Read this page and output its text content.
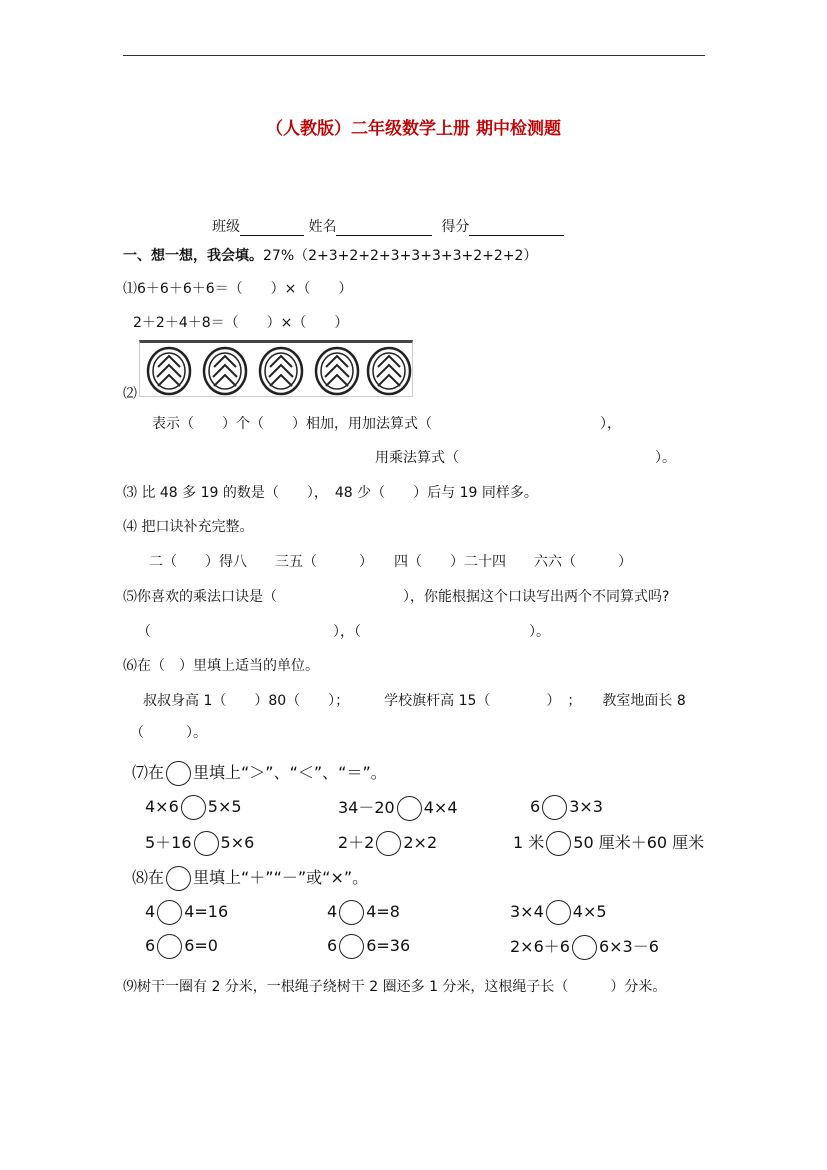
（人教版）二年级数学上册 期中检测题
班级	姓名	得分
一、想一想，我会填。27%（2+3+2+2+3+3+3+3+2+2+2）
⑴6＋6＋6＋6＝（　　）×（　　）
2＋2＋4＋8＝（　　）×（　　）
⑵
表示（　　）个（　　）相加，用加法算式（　　　　　　　　　　　　），
用乘法算式（　　　　　　　　　　　　　　）。
⑶ 比 48 多 19 的数是（　　），　48 少（　　）后与 19 同样多。
⑷ 把口诀补充完整。
二（　　）得八　　三五（　　　）　　四（　　）二十四　　六六（　　　）
⑸你喜欢的乘法口诀是（　　　　　　　　　），你能根据这个口诀写出两个不同算式吗?
（　　　　　　　　　　　　　），（　　　　　　　　　　　　）。
⑹在（　）里填上适当的单位。
叔叔身高 1（　　）80（　　）；　　　学校旗杆高 15（　　　　）　；　　教室地面长 8
（　　　）。
⑺在 里填上“＞”、“＜”、“＝”。
4×6 5×5	34－20 4×4	6 3×3
5＋16 5×6	2＋2 2×2	1 米 50 厘米＋60 厘米
⑻在 里填上“＋”“－”或“×”。
4 4=16	4 4=8	3×4 4×5
6 6=0	6 6=36	2×6＋6 6×3－6
⑼树干一圈有 2 分米，一根绳子绕树干 2 圈还多 1 分米，这根绳子长（　　　）分米。
